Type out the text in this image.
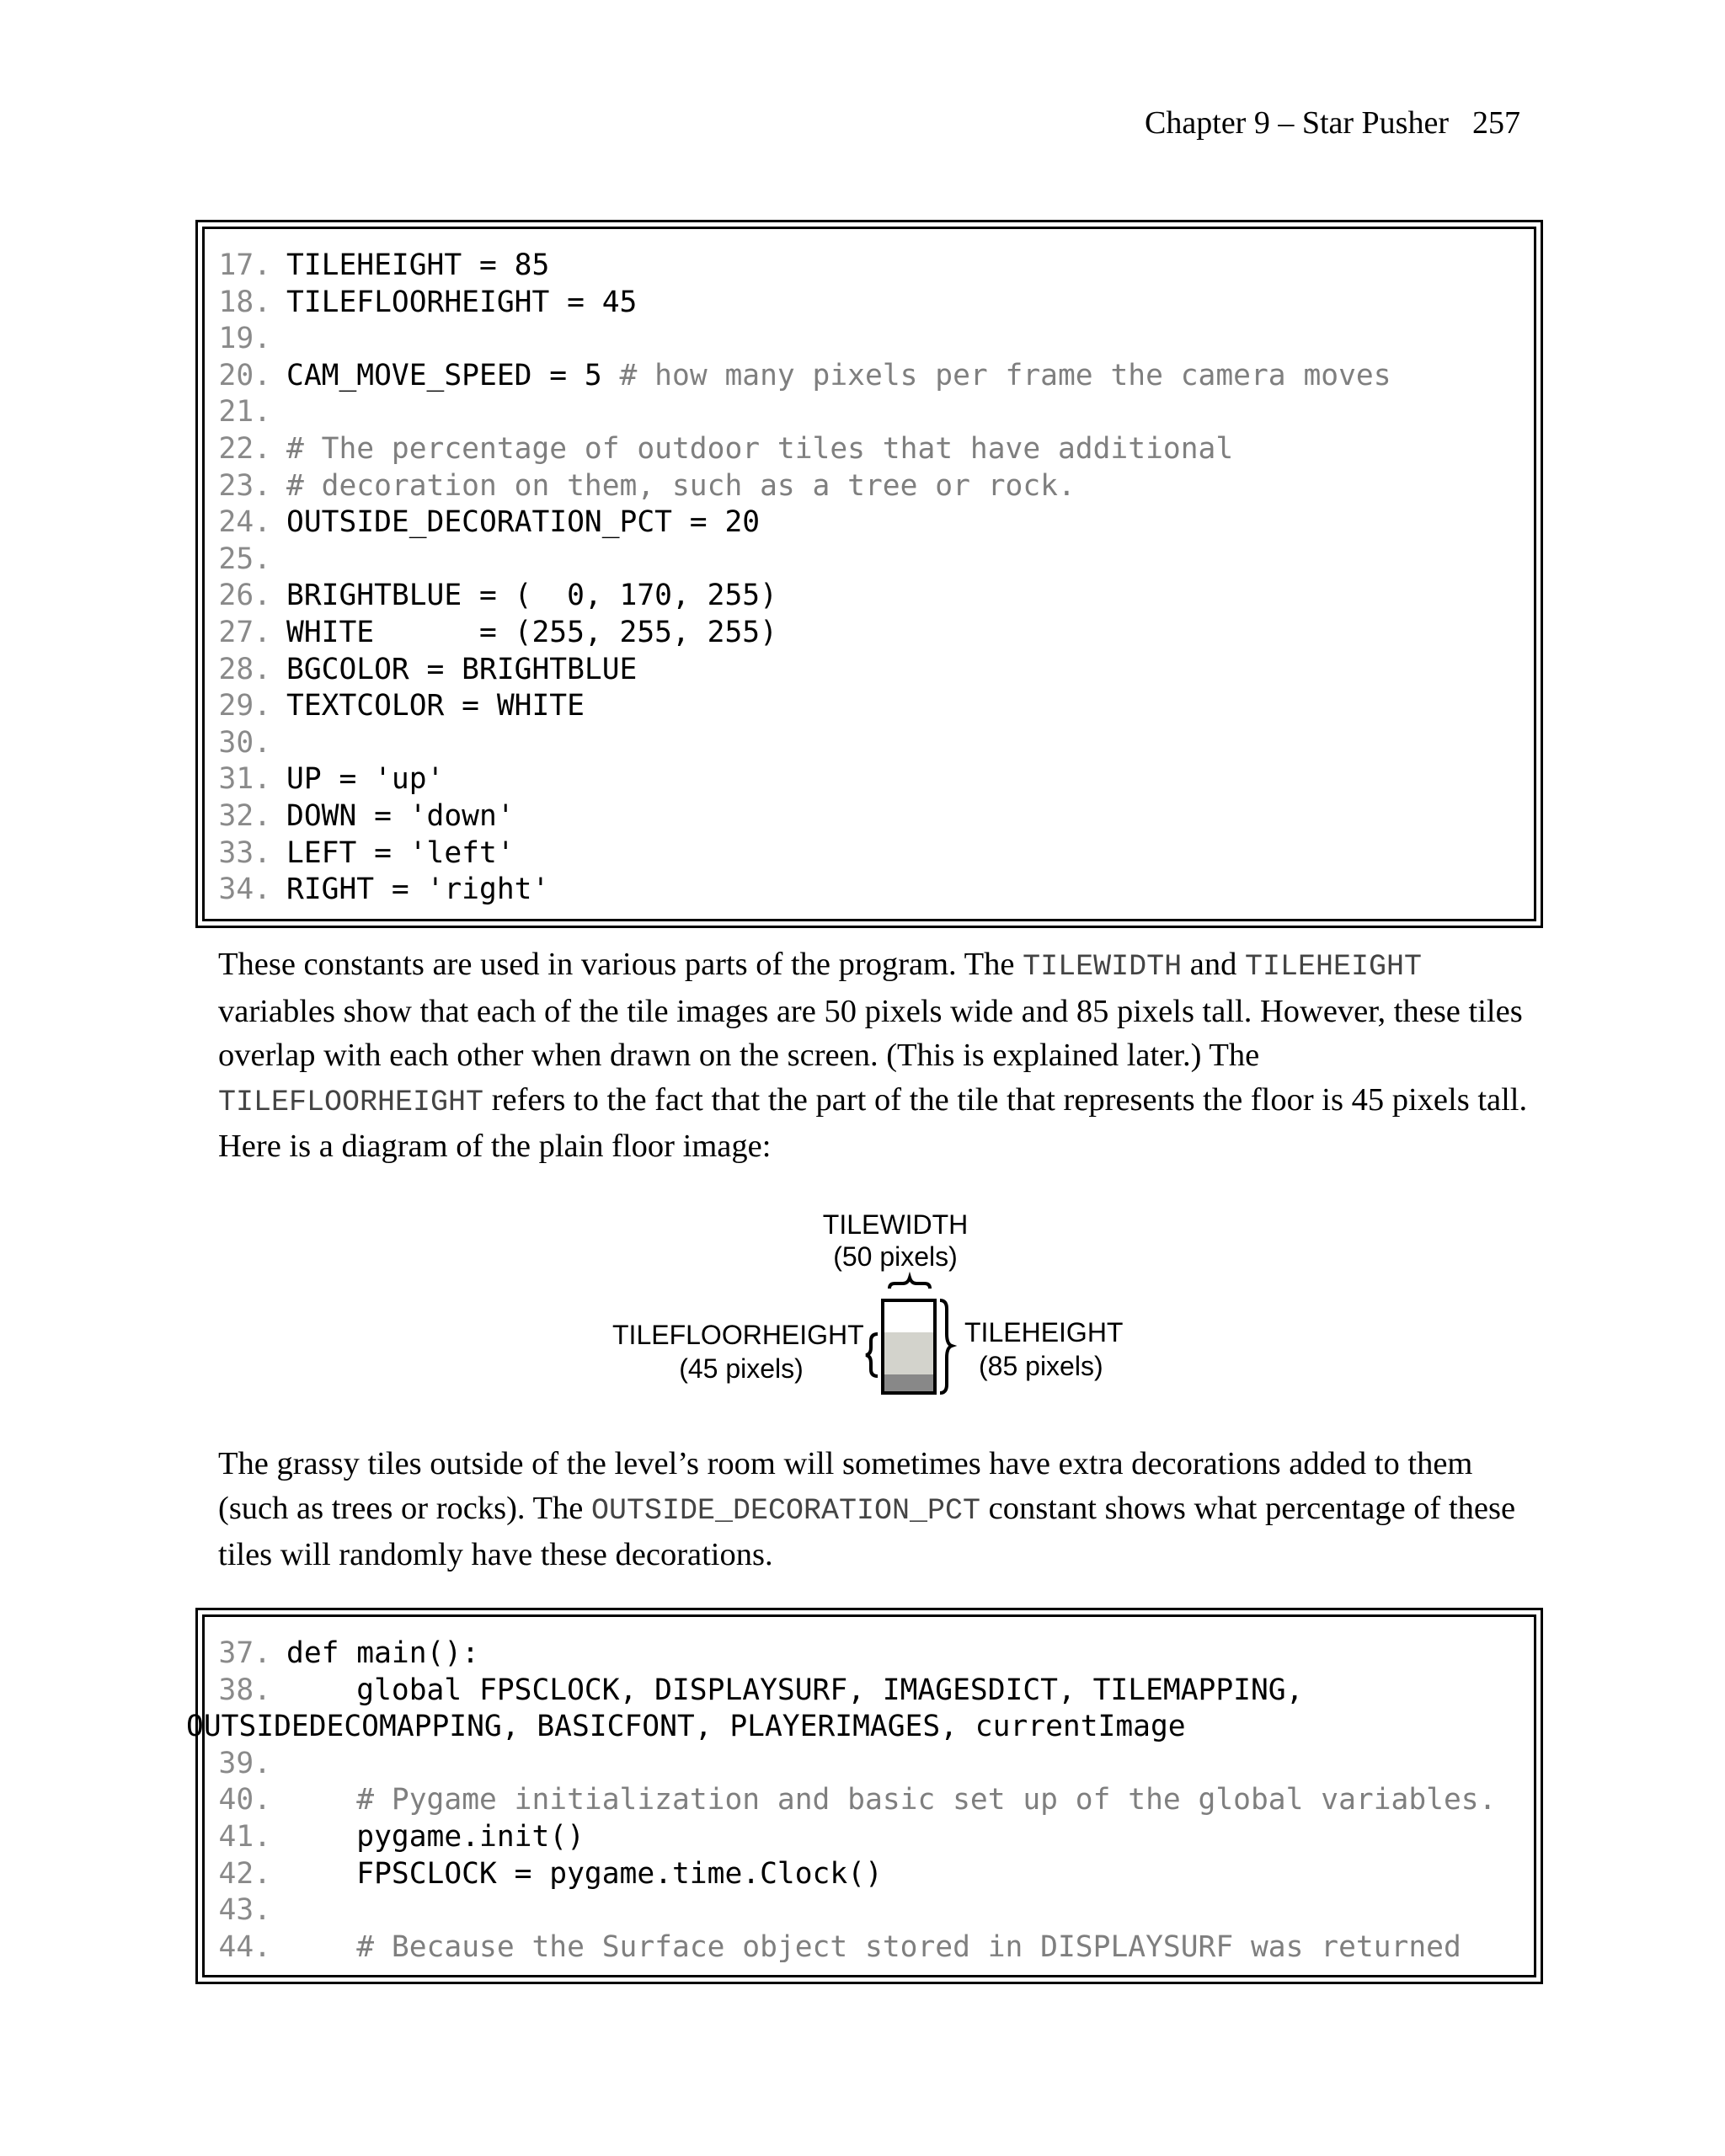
Chapter 9 – Star Pusher 257
17. TILEHEIGHT = 85
18. TILEFLOORHEIGHT = 45
19.
20. CAM_MOVE_SPEED = 5 # how many pixels per frame the camera moves
21.
22. # The percentage of outdoor tiles that have additional
23. # decoration on them, such as a tree or rock.
24. OUTSIDE_DECORATION_PCT = 20
25.
26. BRIGHTBLUE = (  0, 170, 255)
27. WHITE      = (255, 255, 255)
28. BGCOLOR = BRIGHTBLUE
29. TEXTCOLOR = WHITE
30.
31. UP = 'up'
32. DOWN = 'down'
33. LEFT = 'left'
34. RIGHT = 'right'
These constants are used in various parts of the program. The TILEWIDTH and TILEHEIGHT variables show that each of the tile images are 50 pixels wide and 85 pixels tall. However, these tiles overlap with each other when drawn on the screen. (This is explained later.) The TILEFLOORHEIGHT refers to the fact that the part of the tile that represents the floor is 45 pixels tall. Here is a diagram of the plain floor image:
TILEWIDTH
(50 pixels)
TILEFLOORHEIGHT
(45 pixels)
TILEHEIGHT
(85 pixels)
The grassy tiles outside of the level’s room will sometimes have extra decorations added to them (such as trees or rocks). The OUTSIDE_DECORATION_PCT constant shows what percentage of these tiles will randomly have these decorations.
37. def main():
38.    global FPSCLOCK, DISPLAYSURF, IMAGESDICT, TILEMAPPING,
OUTSIDEDECOMAPPING, BASICFONT, PLAYERIMAGES, currentImage
39.
40.	# Pygame initialization and basic set up of the global variables.
41.    pygame.init()
42.    FPSCLOCK = pygame.time.Clock()
43.
44.	# Because the Surface object stored in DISPLAYSURF was returned
